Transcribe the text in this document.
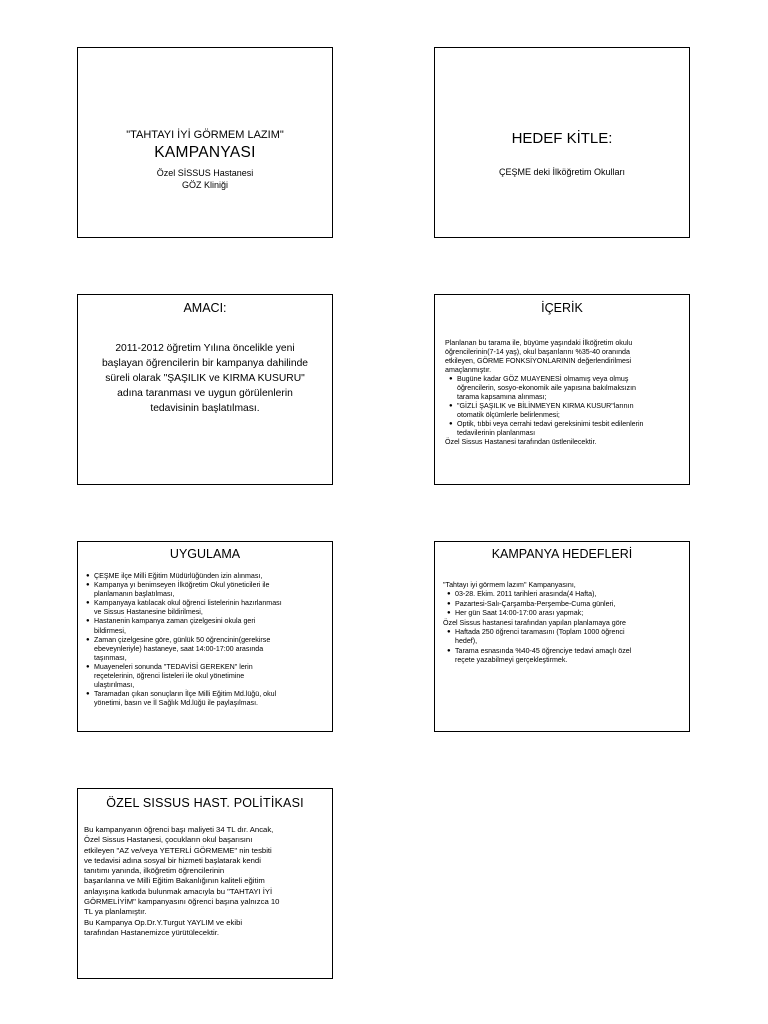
"TAHTAYI İYİ GÖRMEM LAZIM"
KAMPANYASI
Özel SİSSUS Hastanesi
GÖZ Kliniği
HEDEF KİTLE:
ÇEŞME deki İlköğretim Okulları
AMACI:
2011-2012 öğretim Yılına öncelikle yeni
başlayan öğrencilerin bir kampanya dahilinde
süreli olarak "ŞAŞILIK ve KIRMA KUSURU"
adına taranması ve uygun görülenlerin
tedavisinin başlatılması.
İÇERİK
Planlanan bu tarama ile, büyüme yaşındaki İlköğretim okulu
öğrencilerinin(7-14 yaş), okul başarılarını %35-40 oranında
etkileyen, GÖRME FONKSİYONLARININ değerlendirilmesi
amaçlanmıştır.
● Bugüne kadar GÖZ MUAYENESİ olmamış veya olmuş
öğrencilerin, sosyo-ekonomik aile yapısına bakılmaksızın
tarama kapsamına alınması;
● "GİZLİ ŞAŞILIK ve BİLİNMEYEN KIRMA KUSUR"larının
otomatik ölçümlerle belirlenmesi;
● Optik, tıbbi veya cerrahi tedavi gereksinimi tesbit edilenlerin
tedavilerinin planlanması
Özel Sissus Hastanesi tarafından üstlenilecektir.
UYGULAMA
● ÇEŞME ilçe Milli Eğitim Müdürlüğünden izin alınması,
● Kampanya yı benimseyen İlköğretim Okul yöneticileri ile
planlamanın başlatılması,
● Kampanyaya katılacak okul öğrenci listelerinin hazırlanması
ve Sissus Hastanesine bildirilmesi,
● Hastanenin kampanya zaman çizelgesini okula geri
bildirmesi,
● Zaman çizelgesine göre, günlük 50 öğrencinin(gerekirse
ebeveynleriyle) hastaneye, saat 14:00-17:00 arasında
taşınması,
● Muayeneleri sonunda "TEDAVİSİ GEREKEN" lerin
reçetelerinin, öğrenci listeleri ile okul yönetimine
ulaştırılması,
● Taramadan çıkan sonuçların İlçe Milli Eğitim Md.lüğü, okul
yönetimi, basın ve İl Sağlık Md.lüğü ile paylaşılması.
KAMPANYA HEDEFLERİ
"Tahtayı iyi görmem lazım" Kampanyasını,
● 03-28. Ekim. 2011 tarihleri arasında(4 Hafta),
● Pazartesi-Salı-Çarşamba-Perşembe-Cuma günleri,
● Her gün Saat 14:00-17:00 arası yapmak;
Özel Sissus hastanesi tarafından yapılan planlamaya göre
● Haftada 250 öğrenci taramasını (Toplam 1000 öğrenci
hedef),
● Tarama esnasında %40-45 öğrenciye tedavi amaçlı özel
reçete yazabilmeyi gerçekleştirmek.
ÖZEL SISSUS HAST. POLİTİKASI
Bu kampanyanın öğrenci başı maliyeti 34 TL dır. Ancak,
Özel Sissus Hastanesi, çocukların okul başarısını
etkileyen "AZ ve/veya YETERLİ GÖRMEME" nin tesbiti
ve tedavisi adına sosyal bir hizmeti başlatarak kendi
tanıtımı yanında, ilköğretim öğrencilerinin
başarılarına ve Milli Eğitim Bakanlığının kaliteli eğitim
anlayışına katkıda bulunmak amacıyla bu "TAHTAYI İYİ
GÖRMELİYİM" kampanyasını öğrenci başına yalnızca 10
TL ya planlamıştır.
Bu Kampanya Op.Dr.Y.Turgut YAYLIM ve ekibi
tarafından Hastanemizce yürütülecektir.
